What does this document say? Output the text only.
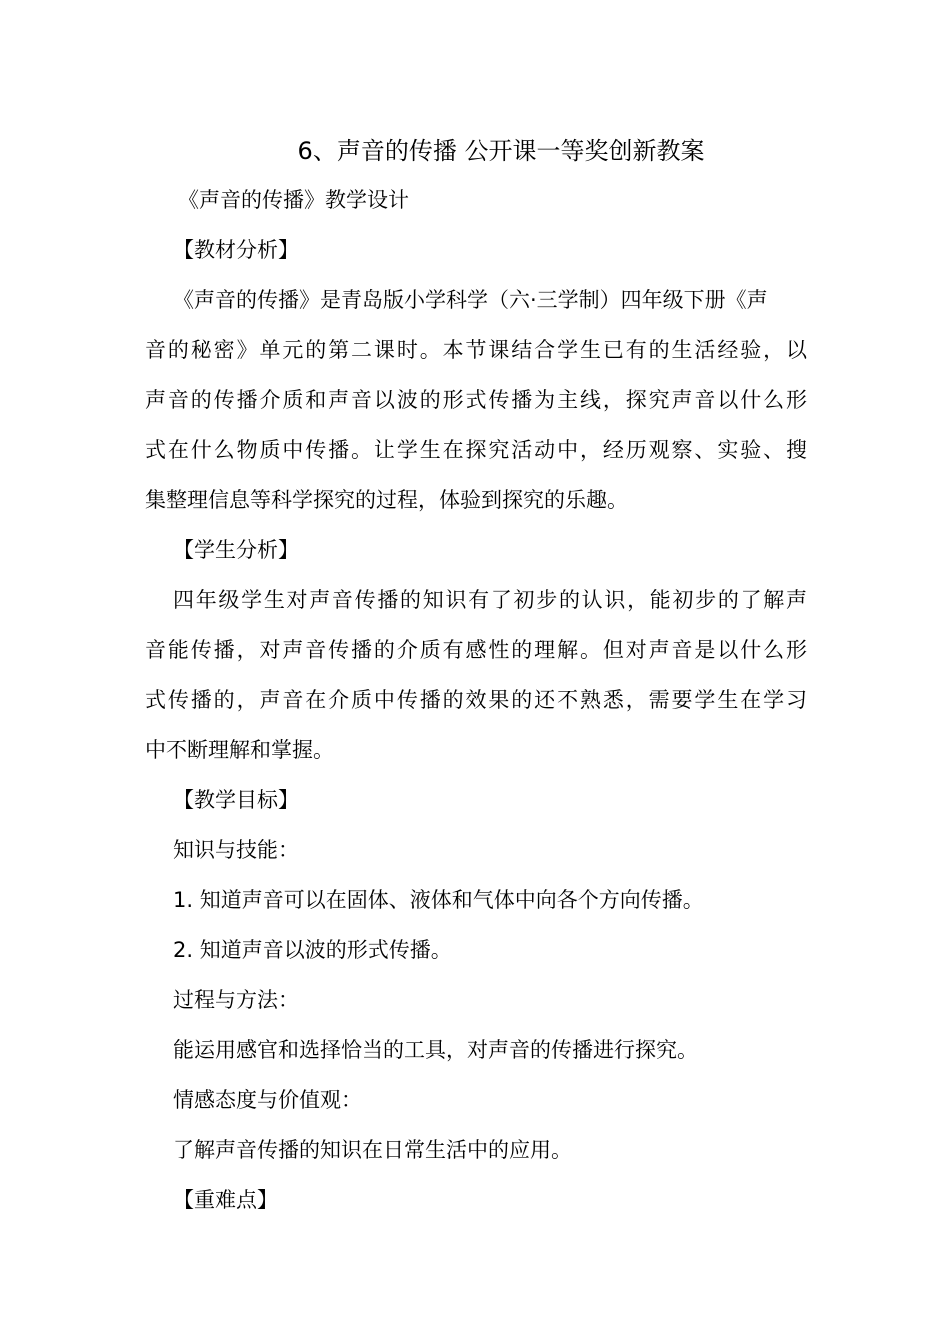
6、声音的传播 公开课一等奖创新教案
《声音的传播》教学设计
【教材分析】
《声音的传播》是青岛版小学科学（六·三学制）四年级下册《声
音的秘密》单元的第二课时。本节课结合学生已有的生活经验，以
声音的传播介质和声音以波的形式传播为主线，探究声音以什么形
式在什么物质中传播。让学生在探究活动中，经历观察、实验、搜
集整理信息等科学探究的过程，体验到探究的乐趣。
【学生分析】
四年级学生对声音传播的知识有了初步的认识，能初步的了解声
音能传播，对声音传播的介质有感性的理解。但对声音是以什么形
式传播的，声音在介质中传播的效果的还不熟悉，需要学生在学习
中不断理解和掌握。
【教学目标】
知识与技能：
1. 知道声音可以在固体、液体和气体中向各个方向传播。
2. 知道声音以波的形式传播。
过程与方法：
能运用感官和选择恰当的工具，对声音的传播进行探究。
情感态度与价值观：
了解声音传播的知识在日常生活中的应用。
【重难点】
